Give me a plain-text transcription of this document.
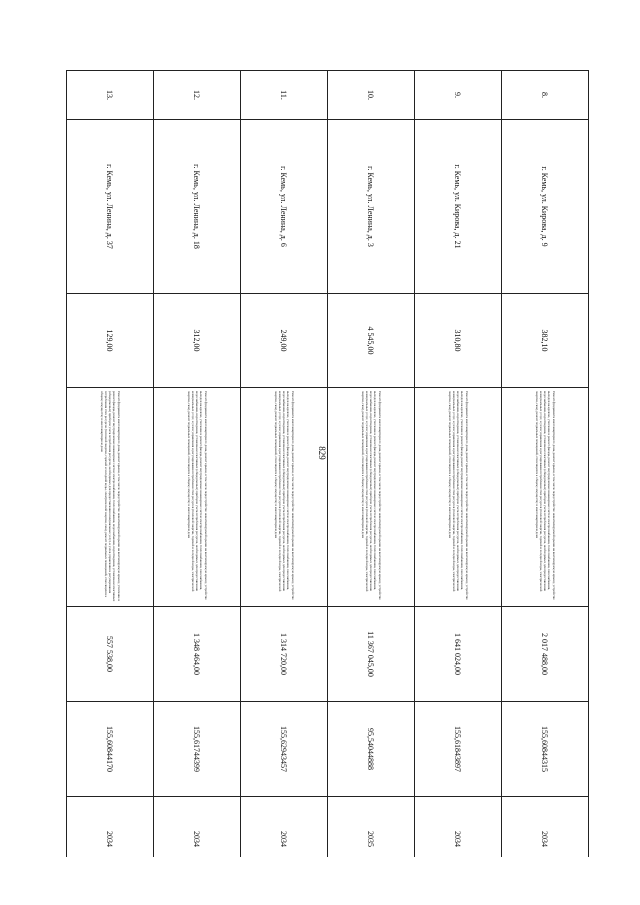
829
8.	г. Кемь, ул. Кирова, д. 9	382,10	Ремонт фундамента многоквартирного дома, ремонт крыши, в том числе переустройство невентилируемой крыши на вентилируемую крышу, устройство выходов на кровлю, утепление и ремонт фасада, ремонт внутридомовых инженерных систем электроснабжения, теплоснабжения, газоснабжения, водоснабжения, водоотведения, установка коллективных (общедомовых) приборов учета потребления ресурсов, необходимых для предоставления коммунальных услуг, и узлов управления и регулирования потребления этих ресурсов (тепловой энергии, горячей и холодной воды, электрической энергии, газа), ремонт подвальных помещений, относящихся к общему имуществу в многоквартирном доме	2 017 488,00	155,60844315	2034
9.	г. Кемь, ул. Кирова, д. 21	310,80	Ремонт фундамента многоквартирного дома, ремонт крыши, в том числе переустройство невентилируемой крыши на вентилируемую крышу, устройство выходов на кровлю, утепление и ремонт фасада, ремонт внутридомовых инженерных систем электроснабжения, теплоснабжения, газоснабжения, водоснабжения, водоотведения, установка коллективных (общедомовых) приборов учета потребления ресурсов, необходимых для предоставления коммунальных услуг, и узлов управления и регулирования потребления этих ресурсов (тепловой энергии, горячей и холодной воды, электрической энергии, газа), ремонт подвальных помещений, относящихся к общему имуществу в многоквартирном доме	1 641 024,00	155,61843897	2034
10.	г. Кемь, ул. Ленина, д. 3	4 545,00	Ремонт фундамента многоквартирного дома, ремонт крыши, в том числе переустройство невентилируемой крыши на вентилируемую крышу, устройство выходов на кровлю, утепление и ремонт фасада, ремонт внутридомовых инженерных систем электроснабжения, теплоснабжения, газоснабжения, водоснабжения, водоотведения, установка коллективных (общедомовых) приборов учета потребления ресурсов, необходимых для предоставления коммунальных услуг, и узлов управления и регулирования потребления этих ресурсов (тепловой энергии, горячей и холодной воды, электрической энергии, газа), ремонт подвальных помещений, относящихся к общему имуществу в многоквартирном доме	11 367 045,00	95,54044888	2035
11.	г. Кемь, ул. Ленина, д. 6	249,00	Ремонт фундамента многоквартирного дома, ремонт крыши, в том числе переустройство невентилируемой крыши на вентилируемую крышу, устройство выходов на кровлю, утепление и ремонт фасада, ремонт внутридомовых инженерных систем электроснабжения, теплоснабжения, газоснабжения, водоснабжения, водоотведения, установка коллективных (общедомовых) приборов учета потребления ресурсов, необходимых для предоставления коммунальных услуг, и узлов управления и регулирования потребления этих ресурсов (тепловой энергии, горячей и холодной воды, электрической энергии, газа), ремонт подвальных помещений, относящихся к общему имуществу в многоквартирном доме	1 314 720,00	155,62943457	2034
12.	г. Кемь, ул. Ленина, д. 18	312,00	Ремонт фундамента многоквартирного дома, ремонт крыши, в том числе переустройство невентилируемой крыши на вентилируемую крышу, устройство выходов на кровлю, утепление и ремонт фасада, ремонт внутридомовых инженерных систем электроснабжения, теплоснабжения, газоснабжения, водоснабжения, водоотведения, установка коллективных (общедомовых) приборов учета потребления ресурсов, необходимых для предоставления коммунальных услуг, и узлов управления и регулирования потребления этих ресурсов (тепловой энергии, горячей и холодной воды, электрической энергии, газа), ремонт подвальных помещений, относящихся к общему имуществу в многоквартирном доме	1 348 464,00	155,61744399	2034
13.	г. Кемь, ул. Ленина, д. 37	129,00	Ремонт фундамента многоквартирного дома, ремонт крыши, в том числе переустройство невентилируемой крыши на вентилируемую крышу, утепление и ремонт фасада, ремонт внутридомовых инженерных систем электроснабжения, теплоснабжения, водоснабжения, водоотведения, установка коллективных (общедомовых) приборов учета потребления ресурсов, необходимых для предоставления коммунальных услуг, и узлов управления и регулирования потребления этих ресурсов (тепловой энергии, горячей и холодной воды, электрической энергии, газа), ремонт подвальных помещений, относящихся к общему имуществу в многоквартирном доме	557 538,00	155,60844170	2034
